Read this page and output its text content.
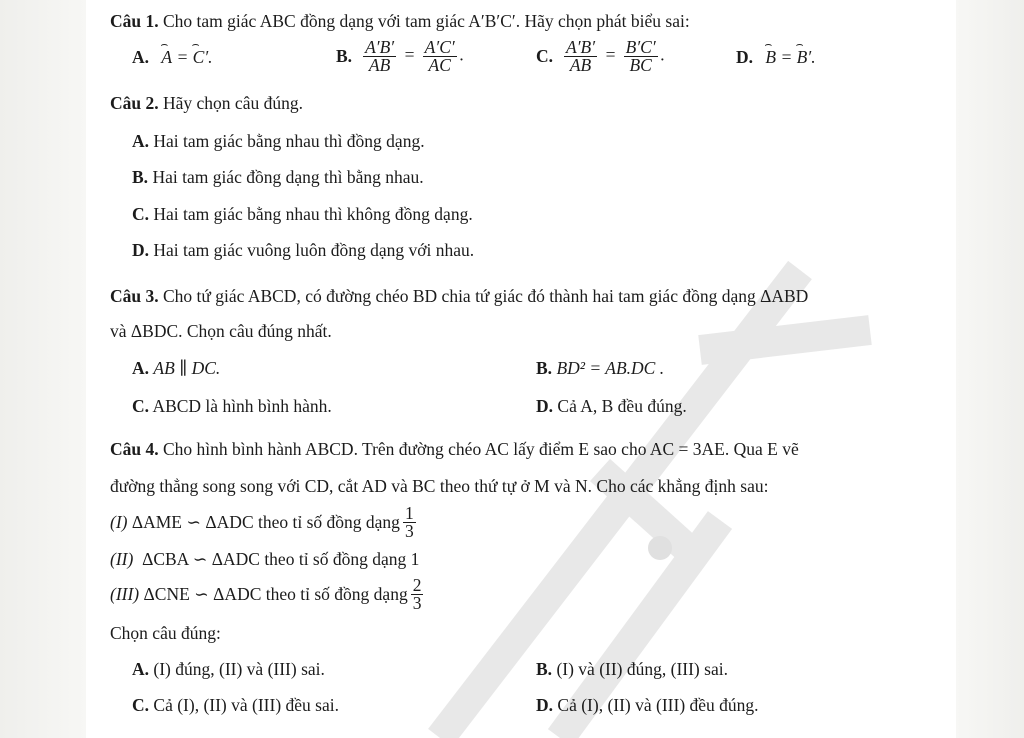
Câu 1. Cho tam giác ABC đồng dạng với tam giác A′B′C′. Hãy chọn phát biểu sai:
A. ⌢ A = ⌢ C′.	B. $\frac{A'B'}{AB} = \frac{A'C'}{AC}$ .	C. $\frac{A'B'}{AB} = \frac{B'C'}{BC}$ .	D. ⌢ B = ⌢ B′.
Câu 2. Hãy chọn câu đúng.
A. Hai tam giác bằng nhau thì đồng dạng.
B. Hai tam giác đồng dạng thì bằng nhau.
C. Hai tam giác bằng nhau thì không đồng dạng.
D. Hai tam giác vuông luôn đồng dạng với nhau.
Câu 3. Cho tứ giác ABCD, có đường chéo BD chia tứ giác đó thành hai tam giác đồng dạng ΔABD
và ΔBDC. Chọn câu đúng nhất.
A. AB ∥ DC.	B. BD² = AB.DC .
C. ABCD là hình bình hành.	D. Cả A, B đều đúng.
Câu 4. Cho hình bình hành ABCD. Trên đường chéo AC lấy điểm E sao cho AC = 3AE. Qua E vẽ
đường thẳng song song với CD, cắt AD và BC theo thứ tự ở M và N. Cho các khẳng định sau:
(I)
ΔAME ∽ ΔADC theo tỉ số đồng dạng $\frac{1}{3}$
(II) ΔCBA ∽ ΔADC theo tỉ số đồng dạng 1
(III)
ΔCNE ∽ ΔADC theo tỉ số đồng dạng $\frac{2}{3}$
Chọn câu đúng:
A. (I) đúng, (II) và (III) sai.	B. (I) và (II) đúng, (III) sai.
C. Cả (I), (II) và (III) đều sai.	D. Cả (I), (II) và (III) đều đúng.
